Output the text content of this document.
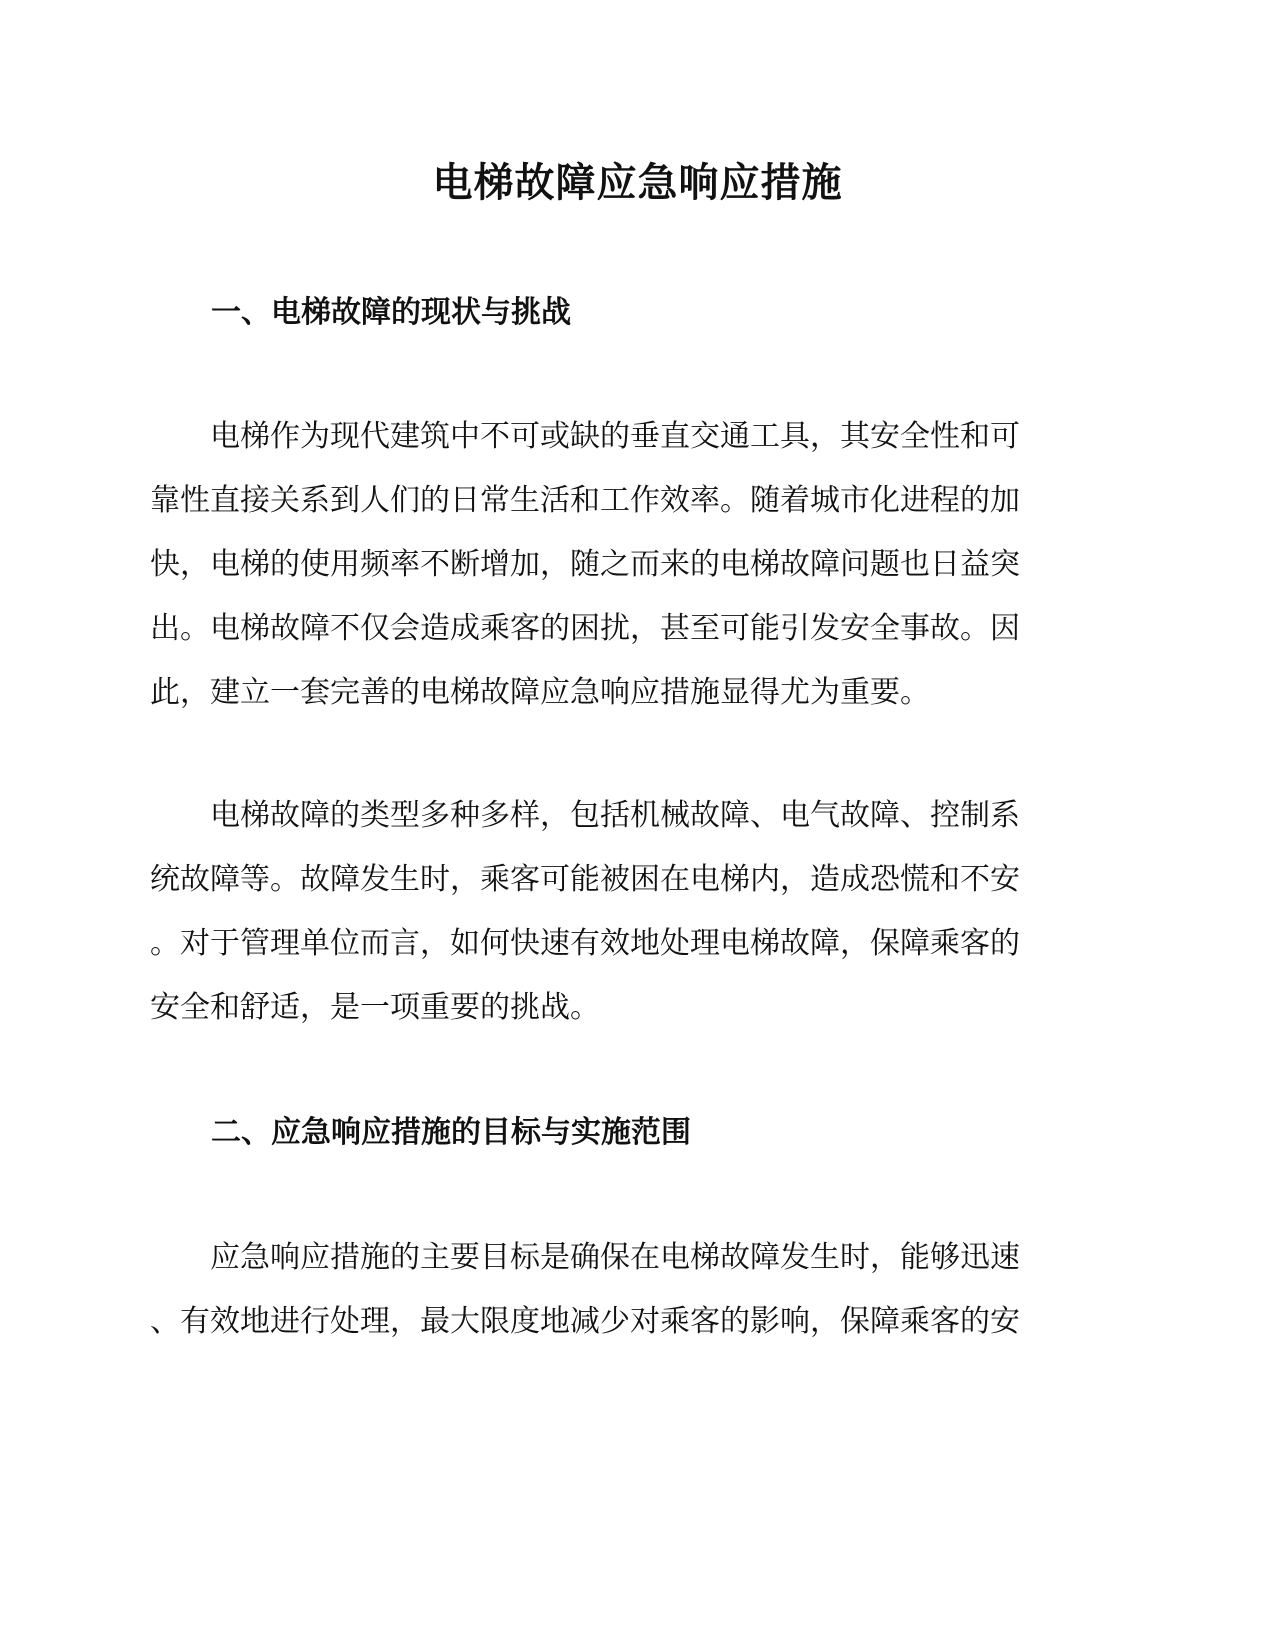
电梯故障应急响应措施
一、电梯故障的现状与挑战
电梯作为现代建筑中不可或缺的垂直交通工具，其安全性和可
靠性直接关系到人们的日常生活和工作效率。随着城市化进程的加
快，电梯的使用频率不断增加，随之而来的电梯故障问题也日益突
出。电梯故障不仅会造成乘客的困扰，甚至可能引发安全事故。因
此，建立一套完善的电梯故障应急响应措施显得尤为重要。
电梯故障的类型多种多样，包括机械故障、电气故障、控制系
统故障等。故障发生时，乘客可能被困在电梯内，造成恐慌和不安
。对于管理单位而言，如何快速有效地处理电梯故障，保障乘客的
安全和舒适，是一项重要的挑战。
二、应急响应措施的目标与实施范围
应急响应措施的主要目标是确保在电梯故障发生时，能够迅速
、有效地进行处理，最大限度地减少对乘客的影响，保障乘客的安
